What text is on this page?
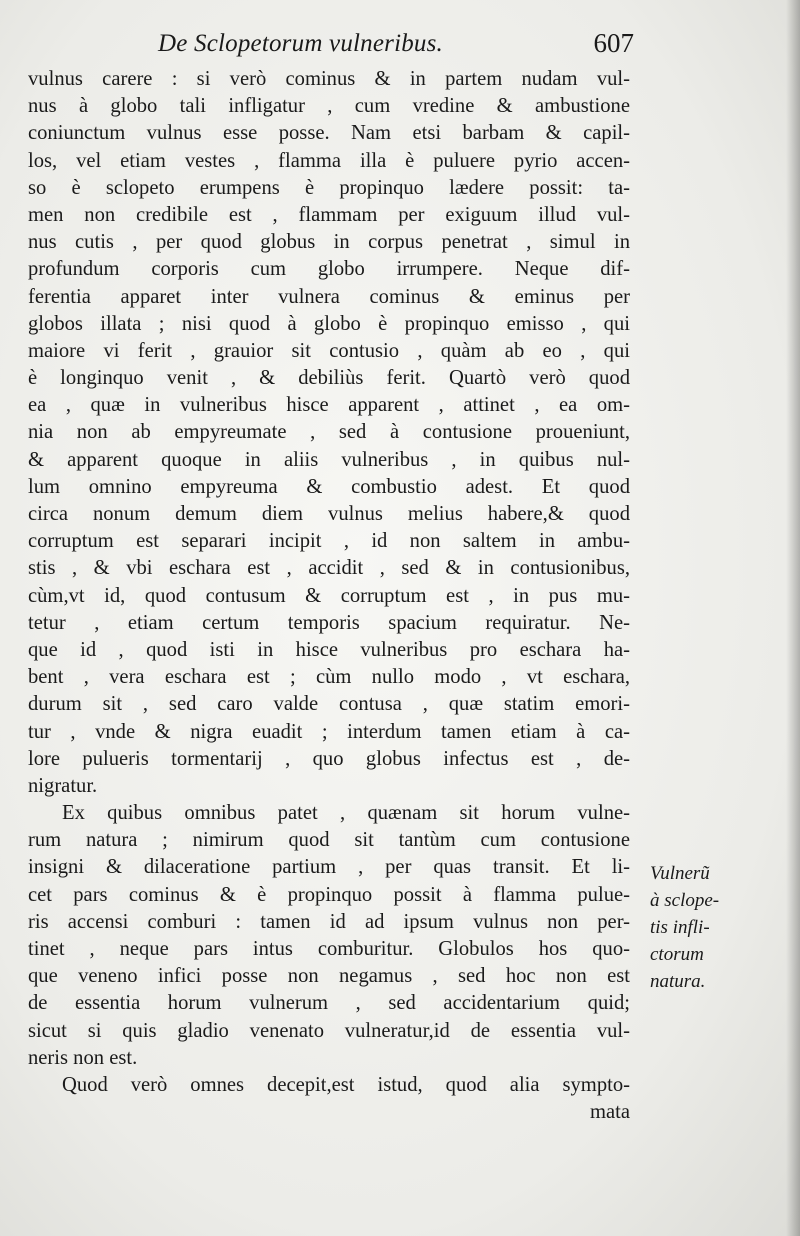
De Sclopetorum vulneribus.	607
vulnus carere : si verò cominus & in partem nudam vul-
nus à globo tali infligatur , cum vredine & ambustione
coniunctum vulnus esse posse. Nam etsi barbam & capil-
los, vel etiam vestes , flamma illa è puluere pyrio accen-
so è sclopeto erumpens è propinquo lædere possit: ta-
men non credibile est , flammam per exiguum illud vul-
nus cutis , per quod globus in corpus penetrat , simul in
profundum corporis cum globo irrumpere. Neque dif-
ferentia apparet inter vulnera cominus & eminus per
globos illata ; nisi quod à globo è propinquo emisso , qui
maiore vi ferit , grauior sit contusio , quàm ab eo , qui
è longinquo venit , & debiliùs ferit. Quartò verò quod
ea , quæ in vulneribus hisce apparent , attinet , ea om-
nia non ab empyreumate , sed à contusione proueniunt,
& apparent quoque in aliis vulneribus , in quibus nul-
lum omnino empyreuma & combustio adest. Et quod
circa nonum demum diem vulnus melius habere,& quod
corruptum est separari incipit , id non saltem in ambu-
stis , & vbi eschara est , accidit , sed & in contusionibus,
cùm,vt id, quod contusum & corruptum est , in pus mu-
tetur , etiam certum temporis spacium requiratur. Ne-
que id , quod isti in hisce vulneribus pro eschara ha-
bent , vera eschara est ; cùm nullo modo , vt eschara,
durum sit , sed caro valde contusa , quæ statim emori-
tur , vnde & nigra euadit ; interdum tamen etiam à ca-
lore pulueris tormentarij , quo globus infectus est , de-
nigratur.
Ex quibus omnibus patet , quænam sit horum vulne-
rum natura ; nimirum quod sit tantùm cum contusione
insigni & dilaceratione partium , per quas transit. Et li-
cet pars cominus & è propinquo possit à flamma pulue-
ris accensi comburi : tamen id ad ipsum vulnus non per-
tinet , neque pars intus comburitur. Globulos hos quo-
que veneno infici posse non negamus , sed hoc non est
de essentia horum vulnerum , sed accidentarium quid;
sicut si quis gladio venenato vulneratur,id de essentia vul-
neris non est.
Quod verò omnes decepit,est istud, quod alia sympto-
mata
Vulnerũ
à sclope-
tis infli-
ctorum
natura.
